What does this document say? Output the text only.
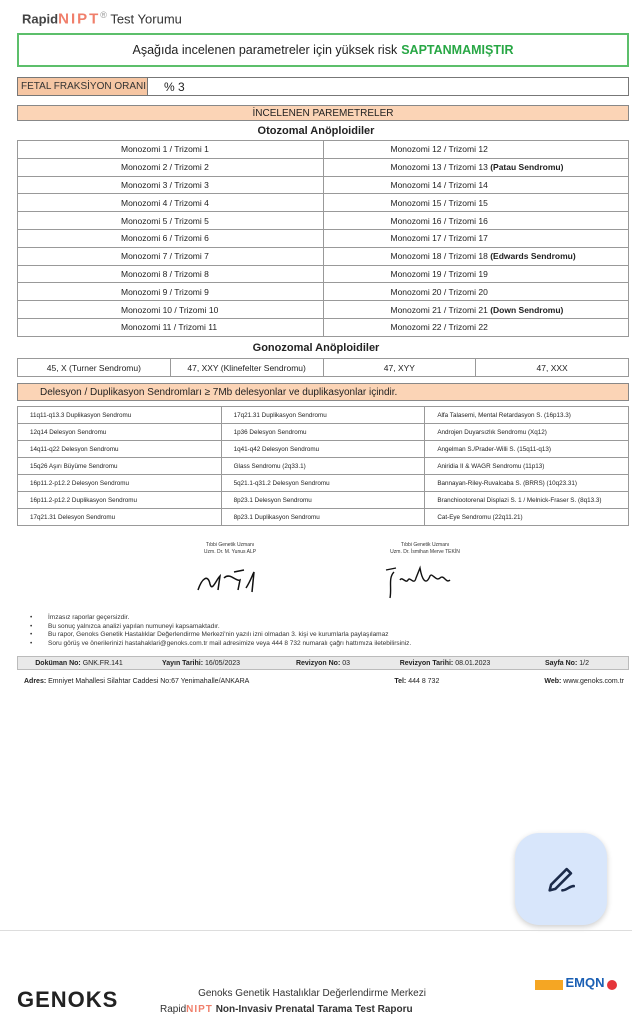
RapidNIPT® Test Yorumu
Aşağıda incelenen parametreler için yüksek risk SAPTANMAMIŞTIR
FETAL FRAKSİYON ORANI	% 3
İNCELENEN PAREMETRELER
Otozomal Anöploidiler
Monozomi 1 / Trizomi 1	Monozomi 12 / Trizomi 12
Monozomi 2 / Trizomi 2	Monozomi 13 / Trizomi 13 (Patau Sendromu)
Monozomi 3 / Trizomi 3	Monozomi 14 / Trizomi 14
Monozomi 4 / Trizomi 4	Monozomi 15 / Trizomi 15
Monozomi 5 / Trizomi 5	Monozomi 16 / Trizomi 16
Monozomi 6 / Trizomi 6	Monozomi 17 / Trizomi 17
Monozomi 7 / Trizomi 7	Monozomi 18 / Trizomi 18 (Edwards Sendromu)
Monozomi 8 / Trizomi 8	Monozomi 19 / Trizomi 19
Monozomi 9 / Trizomi 9	Monozomi 20 / Trizomi 20
Monozomi 10 / Trizomi 10	Monozomi 21 / Trizomi 21 (Down Sendromu)
Monozomi 11 / Trizomi 11	Monozomi 22 / Trizomi 22
Gonozomal Anöploidiler
45, X (Turner Sendromu)	47, XXY (Klinefelter Sendromu)	47, XYY	47, XXX
Delesyon / Duplikasyon Sendromları ≥ 7Mb delesyonlar ve duplikasyonlar içindir.
11q11-q13.3 Duplikasyon Sendromu	17q21.31 Duplikasyon Sendromu	Alfa Talasemi, Mental Retardasyon S. (16p13.3)
12q14 Delesyon Sendromu	1p36 Delesyon Sendromu	Androjen Duyarsızlık Sendromu (Xq12)
14q11-q22 Delesyon Sendromu	1q41-q42 Delesyon Sendromu	Angelman S./Prader-Willi S. (15q11-q13)
15q26 Aşırı Büyüme Sendromu	Glass Sendromu (2q33.1)	Aniridia II & WAGR Sendromu (11p13)
16p11.2-p12.2 Delesyon Sendromu	5q21.1-q31.2 Delesyon Sendromu	Bannayan-Riley-Ruvalcaba S. (BRRS) (10q23.31)
16p11.2-p12.2 Duplikasyon Sendromu	8p23.1 Delesyon Sendromu	Branchiootorenal Displazi S. 1 / Melnick-Fraser S. (8q13.3)
17q21.31 Delesyon Sendromu	8p23.1 Duplikasyon Sendromu	Cat-Eye Sendromu (22q11.21)
Tıbbi Genetik Uzmanı
Uzm. Dr. M. Yunus ALP
Tıbbi Genetik Uzmanı
Uzm. Dr. İsmihan Merve TEKİN
• İmzasız raporlar geçersizdir.
• Bu sonuç yalnızca analizi yapılan numuneyi kapsamaktadır.
• Bu rapor, Genoks Genetik Hastalıklar Değerlendirme Merkezi'nin yazılı izni olmadan 3. kişi ve kurumlarla paylaşılamaz
• Soru görüş ve önerilerinizi hastahaklari@genoks.com.tr mail adresimize veya 444 8 732 numaralı çağrı hattımıza iletebilirsiniz.
Doküman No: GNK.FR.141	Yayın Tarihi: 16/05/2023	Revizyon No: 03	Revizyon Tarihi: 08.01.2023	Sayfa No: 1/2
Adres: Emniyet Mahallesi Silahtar Caddesi No:67 Yenimahalle/ANKARA	Tel: 444 8 732	Web: www.genoks.com.tr
GENOKS	Genoks Genetik Hastalıklar Değerlendirme Merkezi
RapidNIPT Non-Invasiv Prenatal Tarama Test Raporu
EMQN
